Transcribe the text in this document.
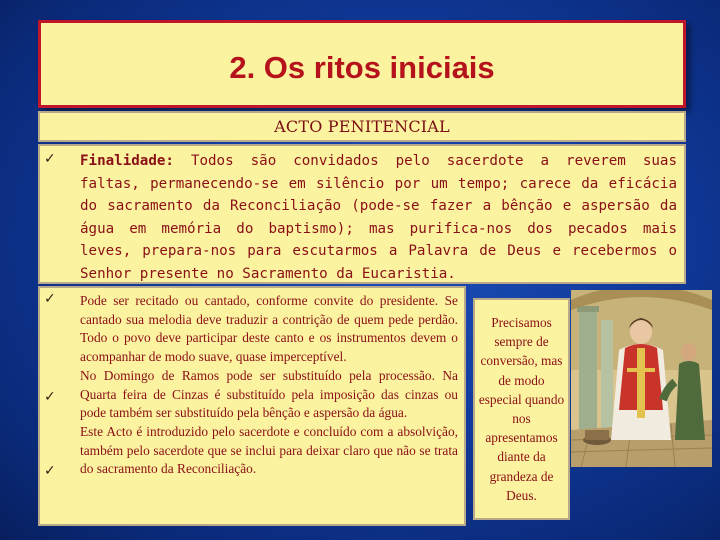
2. Os ritos iniciais
ACTO PENITENCIAL
✓ Finalidade: Todos são convidados pelo sacerdote a reverem suas faltas, permanecendo-se em silêncio por um tempo; carece da eficácia do sacramento da Reconciliação (pode-se fazer a bênção e aspersão da água em memória do baptismo); mas purifica-nos dos pecados mais leves, prepara-nos para escutarmos a Palavra de Deus e recebermos o Senhor presente no Sacramento da Eucaristia.

✓
✓
✓

Pode ser recitado ou cantado, conforme convite do presidente. Se cantado sua melodia deve traduzir a contrição de quem pede perdão. Todo o povo deve participar deste canto e os instrumentos devem o acompanhar de modo suave, quase imperceptível.
No Domingo de Ramos pode ser substituído pela processão. Na Quarta feira de Cinzas é substituído pela imposição das cinzas ou pode também ser substituído pela bênção e aspersão da água.
Este Acto é introduzido pelo sacerdote e concluído com a absolvição, também pelo sacerdote que se inclui para deixar claro que não se trata do sacramento da Reconciliação.

Precisamos sempre de conversão, mas de modo especial quando nos apresentamos diante da grandeza de Deus.
